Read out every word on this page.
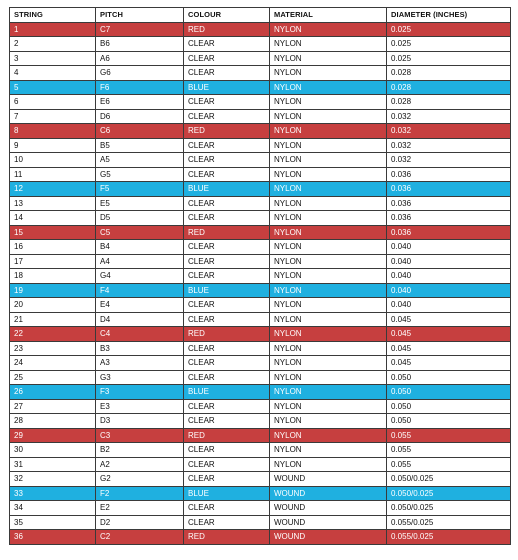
STRING	PITCH	COLOUR	MATERIAL	DIAMETER (INCHES)
1	C7	RED	NYLON	0.025
2	B6	CLEAR	NYLON	0.025
3	A6	CLEAR	NYLON	0.025
4	G6	CLEAR	NYLON	0.028
5	F6	BLUE	NYLON	0.028
6	E6	CLEAR	NYLON	0.028
7	D6	CLEAR	NYLON	0.032
8	C6	RED	NYLON	0.032
9	B5	CLEAR	NYLON	0.032
10	A5	CLEAR	NYLON	0.032
11	G5	CLEAR	NYLON	0.036
12	F5	BLUE	NYLON	0.036
13	E5	CLEAR	NYLON	0.036
14	D5	CLEAR	NYLON	0.036
15	C5	RED	NYLON	0.036
16	B4	CLEAR	NYLON	0.040
17	A4	CLEAR	NYLON	0.040
18	G4	CLEAR	NYLON	0.040
19	F4	BLUE	NYLON	0.040
20	E4	CLEAR	NYLON	0.040
21	D4	CLEAR	NYLON	0.045
22	C4	RED	NYLON	0.045
23	B3	CLEAR	NYLON	0.045
24	A3	CLEAR	NYLON	0.045
25	G3	CLEAR	NYLON	0.050
26	F3	BLUE	NYLON	0.050
27	E3	CLEAR	NYLON	0.050
28	D3	CLEAR	NYLON	0.050
29	C3	RED	NYLON	0.055
30	B2	CLEAR	NYLON	0.055
31	A2	CLEAR	NYLON	0.055
32	G2	CLEAR	WOUND	0.050/0.025
33	F2	BLUE	WOUND	0.050/0.025
34	E2	CLEAR	WOUND	0.050/0.025
35	D2	CLEAR	WOUND	0.055/0.025
36	C2	RED	WOUND	0.055/0.025
